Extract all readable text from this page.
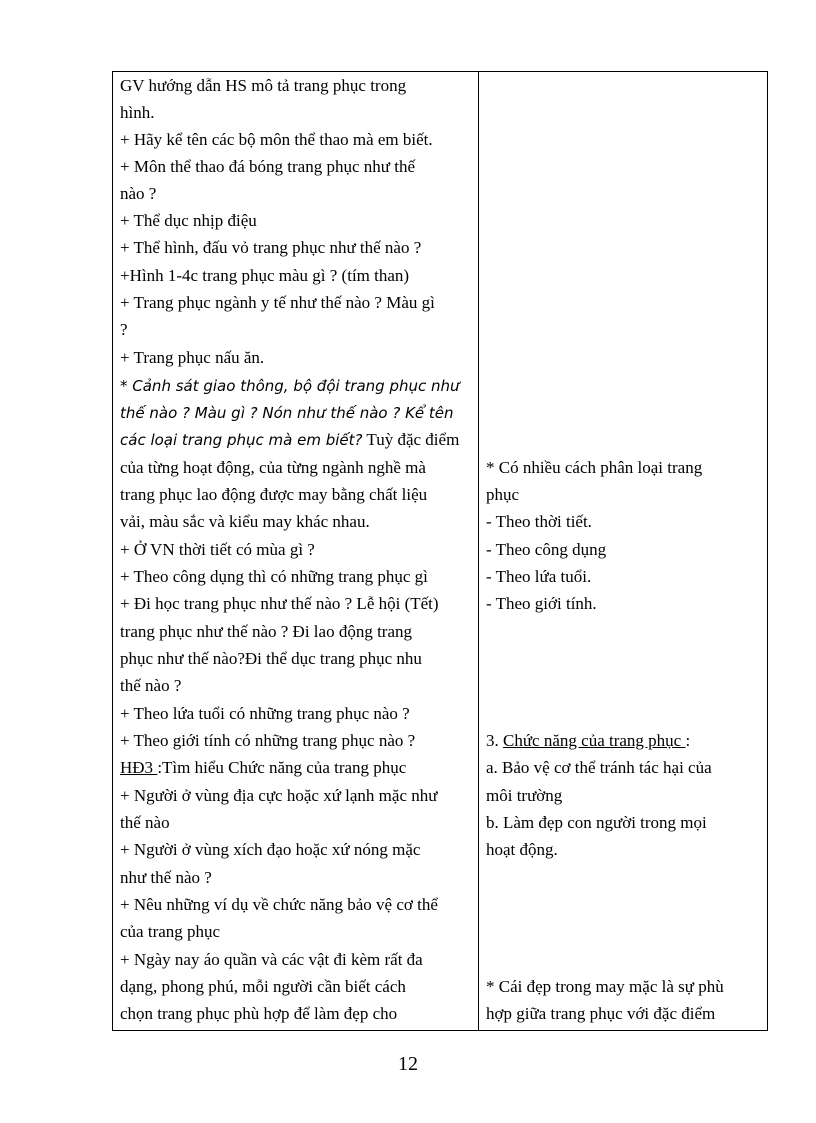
GV hướng dẫn HS mô tả trang phục trong
hình.
+ Hãy kể tên các bộ môn thể thao mà em biết.
+ Môn thể thao đá bóng trang phục như thế
nào ?
+ Thể dục nhịp điệu
+ Thể hình, đấu vỏ trang phục như thế nào ?
+Hình 1-4c trang phục màu gì ? (tím than)
+ Trang phục ngành y tế như thế nào ? Màu gì
?
+ Trang phục nấu ăn.
* Cảnh sát giao thông, bộ đội trang phục như
thế nào ? Màu gì ? Nón như thế nào ? Kể tên
các loại trang phục mà em biết? Tuỳ đặc điểm
của từng hoạt động, của từng ngành nghề mà
trang phục lao động được may bằng chất liệu
vải, màu sắc và kiểu may khác nhau.
+ Ở VN thời tiết có mùa gì ?
+ Theo công dụng thì có những trang phục gì
+ Đi học trang phục như thế nào ? Lễ hội (Tết)
trang phục như thế nào ? Đi lao động trang
phục như thế nào?Đi thể dục trang phục nhu
thế nào ?
+ Theo lứa tuổi có những trang phục nào ?
+ Theo giới tính có những trang phục nào ?
HĐ3 :Tìm hiểu Chức năng của trang phục
+ Người ở vùng địa cực hoặc xứ lạnh mặc như
thế nào
+ Người ở vùng xích đạo hoặc xứ nóng mặc
như thế nào ?
+ Nêu những ví dụ về chức năng bảo vệ cơ thể
của trang phục
+ Ngày nay áo quần và các vật đi kèm rất đa
dạng, phong phú, mỗi người cần biết cách
chọn trang phục phù hợp để làm đẹp cho
* Có nhiều cách phân loại trang
phục
- Theo thời tiết.
- Theo công dụng
- Theo lứa tuổi.
- Theo giới tính.
3. Chức năng của trang phục :
a. Bảo vệ cơ thể tránh tác hại của
môi trường
b. Làm đẹp con người trong mọi
hoạt động.
* Cái đẹp trong may mặc là sự phù
hợp giữa trang phục với đặc điểm
12
